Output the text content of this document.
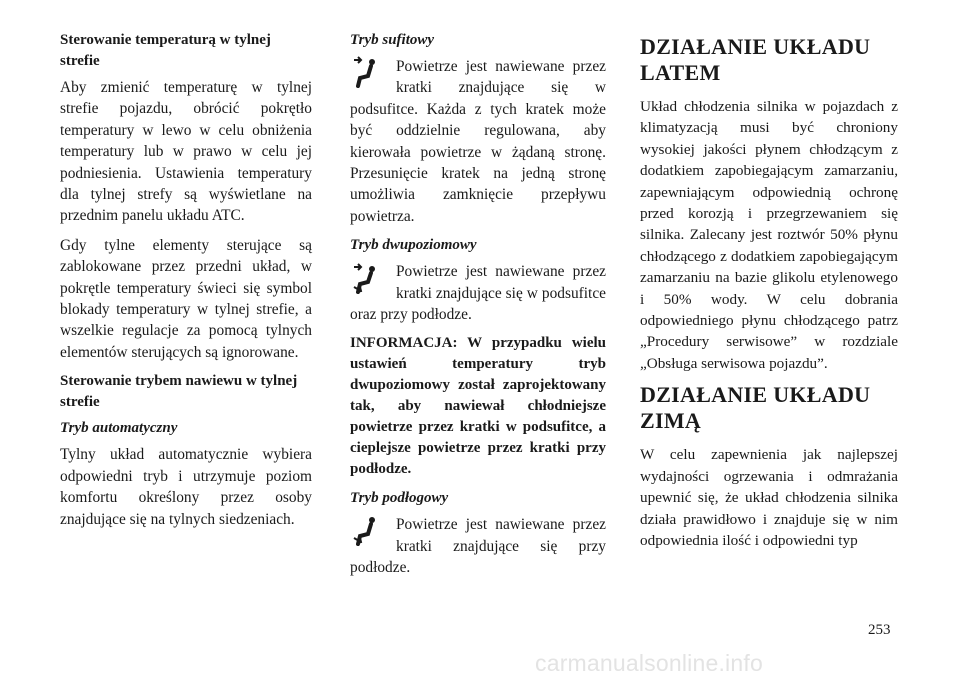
Sterowanie temperaturą w tylnej strefie

Aby zmienić temperaturę w tylnej strefie pojazdu, obrócić pokrętło temperatury w lewo w celu obniżenia temperatury lub w prawo w celu jej podniesienia. Ustawienia temperatury dla tylnej strefy są wyświetlane na przednim panelu układu ATC.

Gdy tylne elementy sterujące są zablokowane przez przedni układ, w pokrętle temperatury świeci się symbol blokady temperatury w tylnej strefie, a wszelkie regulacje za pomocą tylnych elementów sterujących są ignorowane.

Sterowanie trybem nawiewu w tylnej strefie

Tryb automatyczny

Tylny układ automatycznie wybiera odpowiedni tryb i utrzymuje poziom komfortu określony przez osoby znajdujące się na tylnych siedzeniach.

Tryb sufitowy

Powietrze jest nawiewane przez kratki znajdujące się w podsufitce. Każda z tych kratek może być oddzielnie regulowana, aby kierowała powietrze w żądaną stronę. Przesunięcie kratek na jedną stronę umożliwia zamknięcie przepływu powietrza.

Tryb dwupoziomowy

Powietrze jest nawiewane przez kratki znajdujące się w podsufitce oraz przy podłodze.

INFORMACJA: W przypadku wielu ustawień temperatury tryb dwupoziomowy został zaprojektowany tak, aby nawiewał chłodniejsze powietrze przez kratki w podsufitce, a cieplejsze powietrze przez kratki przy podłodze.

Tryb podłogowy

Powietrze jest nawiewane przez kratki znajdujące się przy podłodze.

DZIAŁANIE UKŁADU LATEM

Układ chłodzenia silnika w pojazdach z klimatyzacją musi być chroniony wysokiej jakości płynem chłodzącym z dodatkiem zapobiegającym zamarzaniu, zapewniającym odpowiednią ochronę przed korozją i przegrzewaniem się silnika. Zalecany jest roztwór 50% płynu chłodzącego z dodatkiem zapobiegającym zamarzaniu na bazie glikolu etylenowego i 50% wody. W celu dobrania odpowiedniego płynu chłodzącego patrz „Procedury serwisowe” w rozdziale „Obsługa serwisowa pojazdu”.

DZIAŁANIE UKŁADU ZIMĄ

W celu zapewnienia jak najlepszej wydajności ogrzewania i odmrażania upewnić się, że układ chłodzenia silnika działa prawidłowo i znajduje się w nim odpowiednia ilość i odpowiedni typ

253
carmanualsonline.info
